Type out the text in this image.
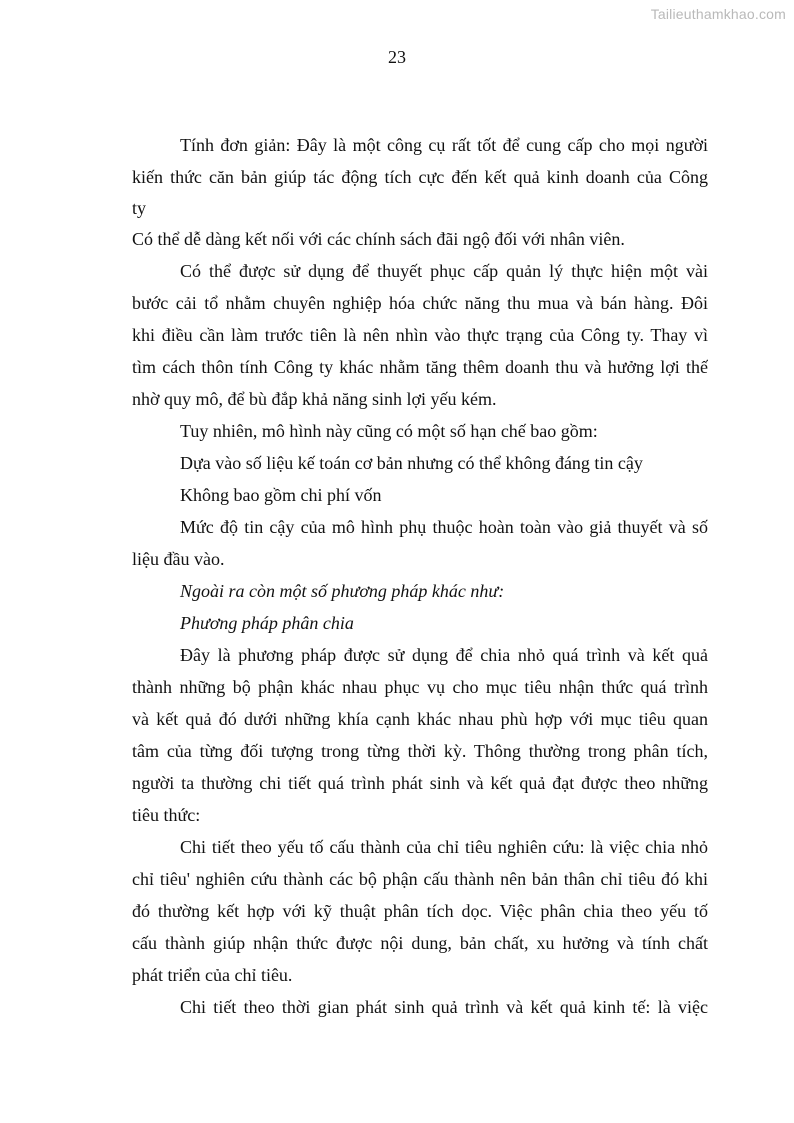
Tailieuthamkhao.com
23
Tính đơn giản: Đây là một công cụ rất tốt để cung cấp cho mọi người
kiến thức căn bản giúp tác động tích cực đến kết quả kinh doanh của Công
ty
Có thể dễ dàng kết nối với các chính sách đãi ngộ đối với nhân viên.
Có thể được sử dụng để thuyết phục cấp quản lý thực hiện một vài
bước cải tổ nhằm chuyên nghiệp hóa chức năng thu mua và bán hàng. Đôi
khi điều cần làm trước tiên là nên nhìn vào thực trạng của Công ty. Thay vì
tìm cách thôn tính Công ty khác nhằm tăng thêm doanh thu và hưởng lợi thế
nhờ quy mô, để bù đắp khả năng sinh lợi yếu kém.
Tuy nhiên, mô hình này cũng có một số hạn chế bao gồm:
Dựa vào số liệu kế toán cơ bản nhưng có thể không đáng tin cậy
Không bao gồm chi phí vốn
Mức độ tin cậy của mô hình phụ thuộc hoàn toàn vào giả thuyết và số
liệu đầu vào.
Ngoài ra còn một số phương pháp khác như:
Phương pháp phân chia
Đây là phương pháp được sử dụng để chia nhỏ quá trình và kết quả
thành những bộ phận khác nhau phục vụ cho mục tiêu nhận thức quá trình
và kết quả đó dưới những khía cạnh khác nhau phù hợp với mục tiêu quan
tâm của từng đối tượng trong từng thời kỳ. Thông thường trong phân tích,
người ta thường chi tiết quá trình phát sinh và kết quả đạt được theo những
tiêu thức:
Chi tiết theo yếu tố cấu thành của chỉ tiêu nghiên cứu: là việc chia nhỏ
chỉ tiêu' nghiên cứu thành các bộ phận cấu thành nên bản thân chỉ tiêu đó khi
đó thường kết hợp với kỹ thuật phân tích dọc. Việc phân chia theo yếu tố
cấu thành giúp nhận thức được nội dung, bản chất, xu hưởng và tính chất
phát triển của chỉ tiêu.
Chi tiết theo thời gian phát sinh quả trình và kết quả kinh tế: là việc
